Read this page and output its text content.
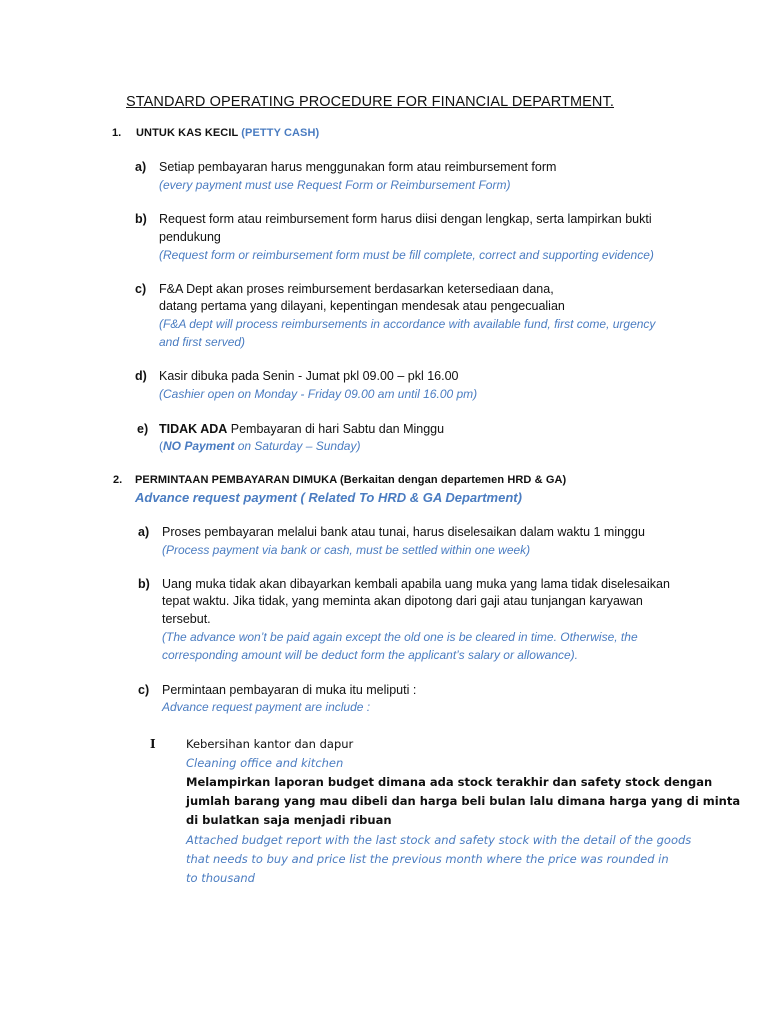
STANDARD OPERATING PROCEDURE FOR FINANCIAL DEPARTMENT.
1. UNTUK KAS KECIL (PETTY CASH)
a) Setiap pembayaran harus menggunakan form atau reimbursement form
(every payment must use Request Form or Reimbursement Form)
b) Request form atau reimbursement form harus diisi dengan lengkap, serta lampirkan bukti
pendukung
(Request form or reimbursement form must be fill complete, correct and supporting evidence)
c) F&A Dept akan proses reimbursement berdasarkan ketersediaan dana,
datang pertama yang dilayani, kepentingan mendesak atau pengecualian
(F&A dept will process reimbursements in accordance with available fund, first come, urgency
and first served)
d) Kasir dibuka pada Senin - Jumat pkl 09.00 – pkl 16.00
(Cashier open on Monday - Friday 09.00 am until 16.00 pm)
e) TIDAK ADA Pembayaran di hari Sabtu dan Minggu
(NO Payment on Saturday – Sunday)
2. PERMINTAAN PEMBAYARAN DIMUKA (Berkaitan dengan departemen HRD & GA)
Advance request payment ( Related To HRD & GA Department)
a) Proses pembayaran melalui bank atau tunai, harus diselesaikan dalam waktu 1 minggu
(Process payment via bank or cash, must be settled within one week)
b) Uang muka tidak akan dibayarkan kembali apabila uang muka yang lama tidak diselesaikan
tepat waktu. Jika tidak, yang meminta akan dipotong dari gaji atau tunjangan karyawan
tersebut.
(The advance won’t be paid again except the old one is be cleared in time. Otherwise, the
corresponding amount will be deduct form the applicant’s salary or allowance).
c) Permintaan pembayaran di muka itu meliputi :
Advance request payment are include :
I	Kebersihan kantor dan dapur
Cleaning office and kitchen
Melampirkan laporan budget dimana ada stock terakhir dan safety stock dengan
jumlah barang yang mau dibeli dan harga beli bulan lalu dimana harga yang di minta
di bulatkan saja menjadi ribuan
Attached budget report with the last stock and safety stock with the detail of the goods
that needs to buy and price list the previous month where the price was rounded in
to thousand
